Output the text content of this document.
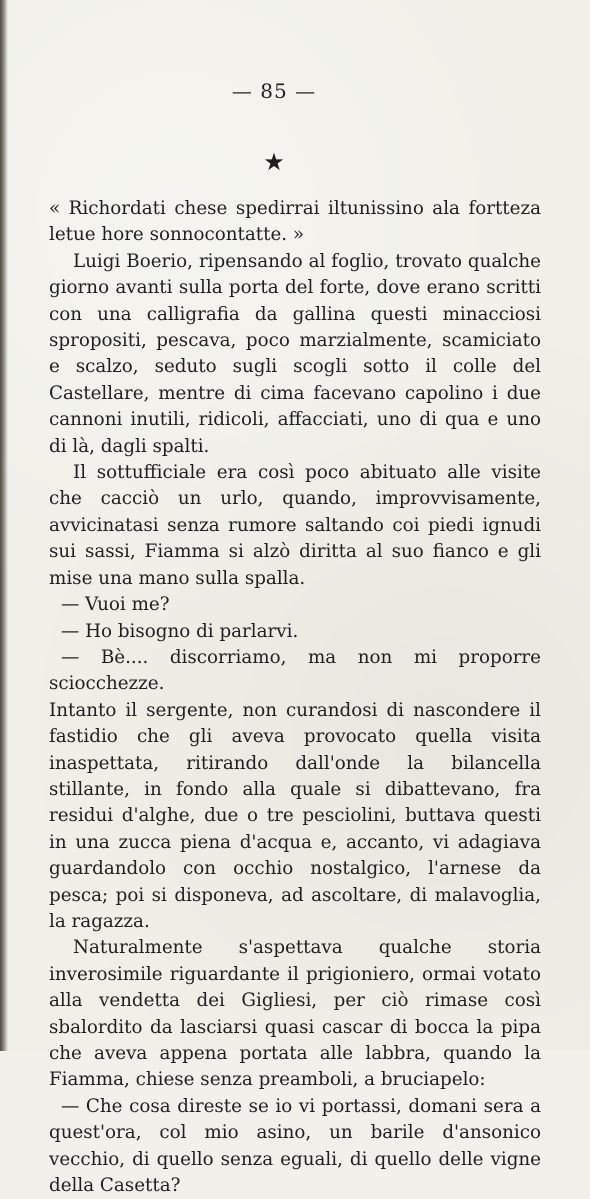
— 85 —
★

« Richordati chese spedirrai iltunissino ala fortteza letue hore sonnocontatte. »

Luigi Boerio, ripensando al foglio, trovato qualche giorno avanti sulla porta del forte, dove erano scritti con una calligrafia da gallina questi minacciosi spropositi, pescava, poco marzialmente, scamiciato e scalzo, seduto sugli scogli sotto il colle del Castellare, mentre di cima facevano capolino i due cannoni inutili, ridicoli, affacciati, uno di qua e uno di là, dagli spalti.

Il sottufficiale era così poco abituato alle visite che cacciò un urlo, quando, improvvisamente, avvicinatasi senza rumore saltando coi piedi ignudi sui sassi, Fiamma si alzò diritta al suo fianco e gli mise una mano sulla spalla.

— Vuoi me?

— Ho bisogno di parlarvi.

— Bè.... discorriamo, ma non mi proporre sciocchezze.

Intanto il sergente, non curandosi di nascondere il fastidio che gli aveva provocato quella visita inaspettata, ritirando dall'onde la bilancella stillante, in fondo alla quale si dibattevano, fra residui d'alghe, due o tre pesciolini, buttava questi in una zucca piena d'acqua e, accanto, vi adagiava guardandolo con occhio nostalgico, l'arnese da pesca; poi si disponeva, ad ascoltare, di malavoglia, la ragazza.

Naturalmente s'aspettava qualche storia inverosimile riguardante il prigioniero, ormai votato alla vendetta dei Gigliesi, per ciò rimase così sbalordito da lasciarsi quasi cascar di bocca la pipa che aveva appena portata alle labbra, quando la Fiamma, chiese senza preamboli, a bruciapelo:

— Che cosa direste se io vi portassi, domani sera a quest'ora, col mio asino, un barile d'ansonico vecchio, di quello senza eguali, di quello delle vigne della Casetta?
